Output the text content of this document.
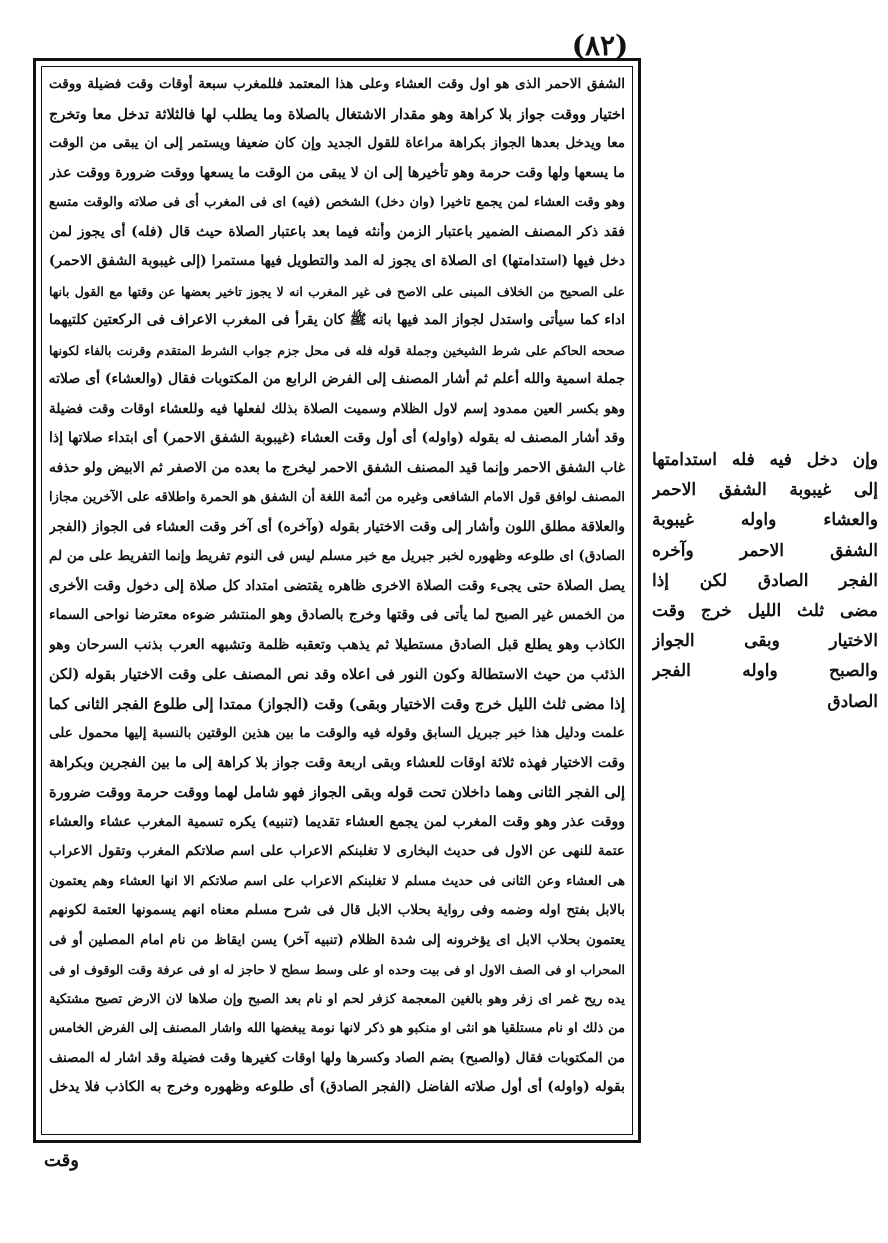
(٨٢)
الشفق الاحمر الذى هو اول وقت العشاء وعلى هذا المعتمد فللمغرب سبعة أوقات وقت فضيلة ووقت
اختيار ووقت جواز بلا كراهة وهو مقدار الاشتغال بالصلاة وما يطلب لها فالثلاثة تدخل معا وتخرج
معا ويدخل بعدها الجواز بكراهة مراعاة للقول الجديد وإن كان ضعيفا ويستمر إلى ان يبقى من الوقت
ما يسعها ولها وقت حرمة وهو تأخيرها إلى ان لا يبقى من الوقت ما يسعها ووقت ضرورة ووقت عذر
وهو وقت العشاء لمن يجمع تاخيرا (وان دخل) الشخص (فيه) اى فى المغرب أى فى صلاته والوقت متسع
فقد ذكر المصنف الضمير باعتبار الزمن وأنثه فيما بعد باعتبار الصلاة حيث قال (فله) أى يجوز لمن
دخل فيها (استدامتها) اى الصلاة اى يجوز له المد والتطويل فيها مستمرا (إلى غيبوبة الشفق الاحمر)
على الصحيح من الخلاف المبنى على الاصح فى غير المغرب انه لا يجوز تاخير بعضها عن وقتها مع القول بانها
اداء كما سيأتى واستدل لجواز المد فيها بانه ﷺ كان يقرأ فى المغرب الاعراف فى الركعتين كلتيهما
صححه الحاكم على شرط الشيخين وجملة قوله فله فى محل جزم جواب الشرط المتقدم وقرنت بالفاء لكونها
جملة اسمية والله أعلم ثم أشار المصنف إلى الفرض الرابع من المكتوبات فقال (والعشاء) أى صلاته
وهو بكسر العين ممدود إسم لاول الظلام وسميت الصلاة بذلك لفعلها فيه وللعشاء اوقات وقت فضيلة
وقد أشار المصنف له بقوله (واوله) أى أول وقت العشاء (غيبوبة الشفق الاحمر) أى ابتداء صلاتها إذا
غاب الشفق الاحمر وإنما قيد المصنف الشفق الاحمر ليخرج ما بعده من الاصفر ثم الابيض ولو حذفه
المصنف لوافق قول الامام الشافعى وغيره من أئمة اللغة أن الشفق هو الحمرة واطلاقه على الآخرين مجازا
والعلاقة مطلق اللون وأشار إلى وقت الاختيار بقوله (وآخره) أى آخر وقت العشاء فى الجواز (الفجر
الصادق) اى طلوعه وظهوره لخبر جبريل مع خبر مسلم ليس فى النوم تفريط وإنما التفريط على من لم
يصل الصلاة حتى يجىء وقت الصلاة الاخرى ظاهره يقتضى امتداد كل صلاة إلى دخول وقت الأخرى
من الخمس غير الصبح لما يأتى فى وقتها وخرج بالصادق وهو المنتشر ضوءه معترضا نواحى السماء
الكاذب وهو يطلع قبل الصادق مستطيلا ثم يذهب وتعقبه ظلمة وتشبهه العرب بذنب السرحان وهو
الذئب من حيث الاستطالة وكون النور فى اعلاه وقد نص المصنف على وقت الاختيار بقوله (لكن
إذا مضى ثلث الليل خرج وقت الاختيار وبقى) وقت (الجواز) ممتدا إلى طلوع الفجر الثانى كما
علمت ودليل هذا خبر جبريل السابق وقوله فيه والوقت ما بين هذين الوقتين بالنسبة إليها محمول على
وقت الاختيار فهذه ثلاثة اوقات للعشاء وبقى اربعة وقت جواز بلا كراهة إلى ما بين الفجرين وبكراهة
إلى الفجر الثانى وهما داخلان تحت قوله وبقى الجواز فهو شامل لهما ووقت حرمة ووقت ضرورة
ووقت عذر وهو وقت المغرب لمن يجمع العشاء تقديما (تنبيه) يكره تسمية المغرب عشاء والعشاء
عتمة للنهى عن الاول فى حديث البخارى لا تغلبنكم الاعراب على اسم صلاتكم المغرب وتقول الاعراب
هى العشاء وعن الثانى فى حديث مسلم لا تغلبنكم الاعراب على اسم صلاتكم الا انها العشاء وهم يعتمون
بالابل بفتح اوله وضمه وفى رواية بحلاب الابل قال فى شرح مسلم معناه انهم يسمونها العتمة لكونهم
يعتمون بحلاب الابل اى يؤخرونه إلى شدة الظلام (تنبيه آخر) يسن ايقاظ من نام امام المصلين أو فى
المحراب او فى الصف الاول او فى بيت وحده او على وسط سطح لا حاجز له او فى عرفة وقت الوقوف او فى
يده ريح غمر اى زفر وهو بالغين المعجمة كزفر لحم او نام بعد الصبح وإن صلاها لان الارض تصيح مشتكية
من ذلك او نام مستلقيا هو انثى او منكبو هو ذكر لانها نومة يبغضها الله واشار المصنف إلى الفرض الخامس
من المكتوبات فقال (والصبح) بضم الصاد وكسرها ولها اوقات كغيرها وقت فضيلة وقد اشار له المصنف
بقوله (واوله) أى أول صلاته الفاضل (الفجر الصادق) أى طلوعه وظهوره وخرج به الكاذب فلا يدخل
وإن دخل فيه فله استدامتها
إلى غيبوبة الشفق الاحمر
والعشاء واوله غيبوبة
الشفق الاحمر وآخره
الفجر الصادق لكن إذا
مضى ثلث الليل خرج وقت
الاختيار وبقى الجواز
والصبح واوله الفجر
الصادق
وقت
